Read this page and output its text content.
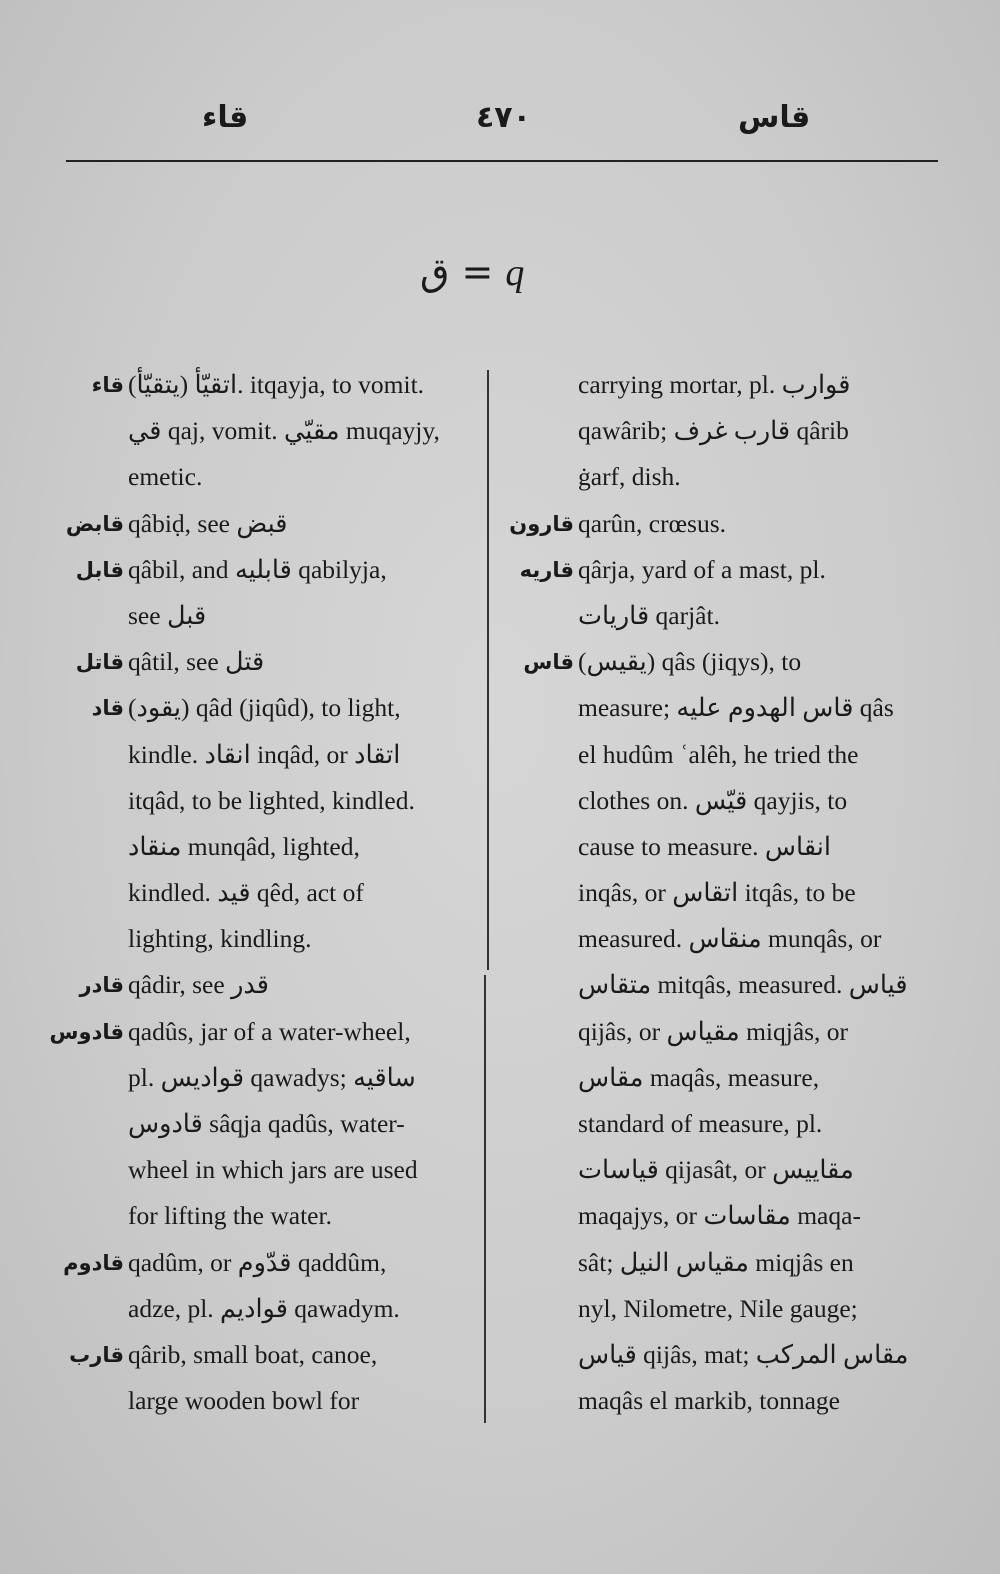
قاء	٤٧٠	قاس
ق = q
قاء (يتقيّأ) اتقيّأ. itqayja, to vomit.
قي qaj, vomit. مقيّي muqayjy,
emetic.
قابض qâbiḍ, see قبض
قابل qâbil, and قابليه qabilyja,
see قبل
قاتل qâtil, see قتل
قاد (يقود) qâd (jiqûd), to light,
kindle. انقاد inqâd, or اتقاد
itqâd, to be lighted, kindled.
منقاد munqâd, lighted,
kindled. قيد qêd, act of
lighting, kindling.
قادر qâdir, see قدر
قادوس qadûs, jar of a water-wheel,
pl. قواديس qawadys; ساقيه
قادوس sâqja qadûs, water-
wheel in which jars are used
for lifting the water.
قادوم qadûm, or قدّوم qaddûm,
adze, pl. قواديم qawadym.
قارب qârib, small boat, canoe,
large wooden bowl for
carrying mortar, pl. قوارب
qawârib; قارب غرف qârib
ġarf, dish.
قارون qarûn, crœsus.
قاريه qârja, yard of a mast, pl.
قاريات qarjât.
قاس (يقيس) qâs (jiqys), to
measure; قاس الهدوم عليه qâs
el hudûm ʿalêh, he tried the
clothes on. قيّس qayjis, to
cause to measure. انقاس
inqâs, or اتقاس itqâs, to be
measured. منقاس munqâs, or
متقاس mitqâs, measured. قياس
qijâs, or مقياس miqjâs, or
مقاس maqâs, measure,
standard of measure, pl.
قياسات qijasât, or مقاييس
maqajys, or مقاسات maqa-
sât; مقياس النيل miqjâs en
nyl, Nilometre, Nile gauge;
قياس qijâs, mat; مقاس المركب
maqâs el markib, tonnage
